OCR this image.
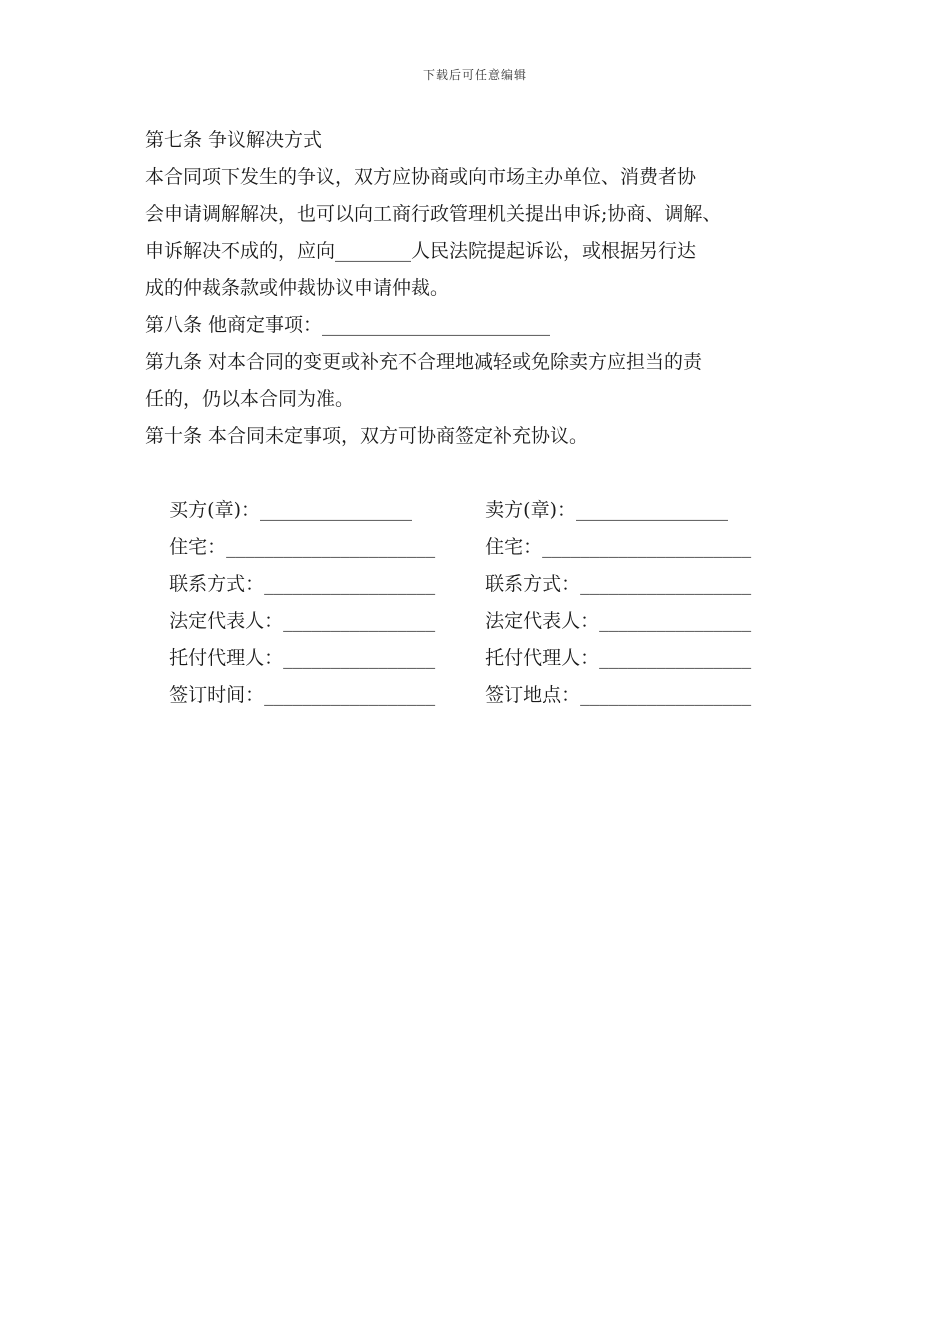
下载后可任意编辑
第七条 争议解决方式
本合同项下发生的争议，双方应协商或向市场主办单位、消费者协
会申请调解解决，也可以向工商行政管理机关提出申诉;协商、调解、
申诉解决不成的，应向________人民法院提起诉讼，或根据另行达
成的仲裁条款或仲裁协议申请仲裁。
第八条 他商定事项：________________________
第九条 对本合同的变更或补充不合理地减轻或免除卖方应担当的责
任的，仍以本合同为准。
第十条 本合同未定事项，双方可协商签定补充协议。

买方(章)：________________	卖方(章)：________________

住宅：______________________	住宅：______________________

联系方式：__________________	联系方式：__________________

法定代表人：________________	法定代表人：________________

托付代理人：________________	托付代理人：________________

签订时间：__________________	签订地点：__________________
